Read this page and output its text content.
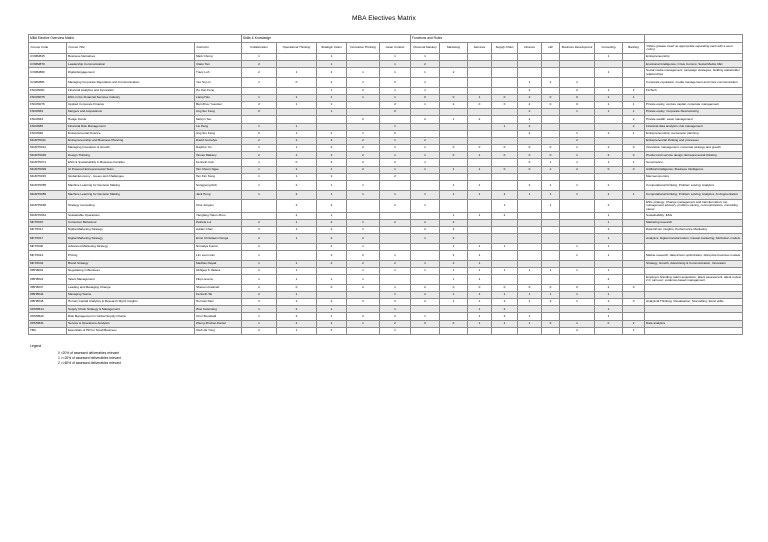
MBA Electives Matrix
MBA Elective Overview Matrix			Skills & Knowledge					Functions and Roles									
Course Code	Course Title	Instructor	Collaboration	Operational Thinking	Strategic Vision	Innovative Thinking	Asian Context	Personal Mastery	Marketing	Services	Supply Chain	Finance	HR	Business Development	Consulting	Banking	Others (please insert as appropriate separating each with a semi-colon)
COMM845	Business Narratives	Mark Chong	1		1		1	1							1		Entrepreneurship
COMM879	Leadership Communication	Claire Tan	2		1		1	2									Emotional Intelligence; Crisis Comms; Social Media; DEI
COMM880	Digital Engagement	Tracy Loh	2	1	2	1	1	1	2						1		Social media management; campaign strategies; building stakeholder relationships
COMM881	Managing Corporate Reputation and Communication	Yeo Su Lin	1	0	2	1	2	1				1	1	1			Corporate reputation, media management and crisis communication
FNC86001	Financial Analytics and Innovation	Hu Jian Feng			1	2	1	1				2		2	1	2	FinTech
FNC86075	ESG in the Financial Services Industry	Liang Hao	1	1	1	1	1	0	0	1	0	2	0	0	1	1	
FNC86076	Applied Corporate Finance	Bart Zhou Yueshen	2	1	1		2	1	2	0	0	2	0	0	1	1	Private equity, venture capital, corporate management
FNC8663	Mergers and Acquisitions	Ang Ser Keng	0		1		0					2		1	1	1	Private equity; Corporate Restructuring
FNC8664	Hedge Funds	Melvyn Teo				2		2	1	2		2				2	Private wealth; asset management
FNC8685	Financial Risk Management	Liu Peng	1	1			1				1	2				2	Financial data analytics; risk management
FNC8696	Entrepreneurial Finance	Ang Ser Keng	0	1	1	1	0					2		1	2	1	Entrepreneurship; succession planning
MGMT6011	Entrepreneurship and Business Planning	David Gomulya	2	1	2	2	1	2						2			Entrepreneurial thinking and processes
MGMT6012	Managing Innovation & Growth	Daphne Yiu	1	1	2	2	1	1	0	0	0	0	0	1	2	0	Innovation management; corporate strategy and growth
MGMT6045	Design Thinking	Tamas Makany	2	1	2	2	1	1	0	1	0	0	0	1	2	0	Product and service design; Entrepreneurial thinking
MGMT6071	ESG & Sustainability in Business Families	Kenneth Goh	1	0	2	2	2	1				0	1	1	1	1	Governance
MGMT6093	AI Powered Entrepreneurial Team	Tan Choon Ngee	1	1	1	2	1	1	1	1	0	0	1	2	0	0	Artificial Intelligence; Business Intelligence
MGMT6015	Global Economy - Issues and Challenges	Tan Kim Song	1	1	1		2										Macroeconomics
MGMT6055	Machine Learning for Decision Making	Sungjoong Roh	1	2	1	1			1	1		2	1	1	2		Computational thinking; Problem solving; Analytics
MGMT6055	Machine Learning for Decision Making	Jack Hong	1	2	1	1	1	1	1	1	1	1	1	1	1	1	Computational thinking; Problem solving; Analytics; AI Augmentation
MGMT6066	Strategy Consulting	Choi Jungsiu		2	2		2	1			1		1		2		ESG strategy; Change management and transformation; top management advisory, problem solving, communications, consulting career
MGMT6061	Sustainable Operations	Yangfang Helen Zhou		2	1				1	1	2				1		Sustainability; ESG
MKT6607	Consumer Behaviour	Patricia Lui	2	1	2	1	2	2	2						1		Marketing research
MKT6617	Digital Marketing Strategy	Adrian Chan	2	1	2	1		2	2						2		Data Driven Insights; Performance Marketing
MKT6617	Digital Marketing Strategy	Ernst Christiaan Osinga	2	1	2	2		1	2						1		Analytics; Digital transformation; Causal marketing; Attribution models
MKT6630	Advanced Marketing Strategy	Nirmalya Kumar	2		2	1			2	1	1			1	1		
MKT6612	Pricing	Lim Leon Gim	1		2	2	1		2	1				1	1		Market research; data driven optimization; disruptive business models
MKT6644	Brand Strategy	Madhav Nayak	1	1	2	2	2	1	2	1							Strategy, Growth, Advertising & Communication, Innovation
OBH8601	Negotiating in Business	Abhijeet K Vadera	2	1		1	1	1	1	1	1	1	1	1	1		
OBH8622	Talent Management	Filip Lievens	1	1	1	1			1	1					2		Employer branding; talent acquisition; talent assessment; talent review 2.0; turnover; evidence-based management
OBH8637	Leading and Managing Change	Shereen Fatimah	2	0	0	2	1	2	0	0	0	0	0	0	2	0	
OBH8644	Managing Teams	Kenneth Tai	2	1			1	2	1	1	1	1	1	1	1		
OBH8648	Human Capital Analytics & Research Mgmt Insights	Herman Diez	2	2	2	2	2	2	1	1	2	1	2	1	2	0	Analytical Thinking; Visualisation; Storytelling; Excel skills
OPM8614	Supply Chain Strategy & Management	Woo Kwan Eng	1	2	1		1			1	2				1		
OPM8626	Risk Management in Global Supply Chains	Onur Boyabatli	1	2	1	2	2	1		1	2	1			1		
OPM8631	Service & Operations Analytics	Zheng Zhichao Daniel	1	2	1	1	2	0	0	1	1	1	0	1	0	2	Data analytics
TBA	Essentials of HR for Small Business	Oiah Jia Yong	2	1	2		1							2		1	
Legend
0 <20% of assessed deliverables relevant
1 >=20% of assessed deliverables relevant
2 >=60% of assessed deliverables relevant
